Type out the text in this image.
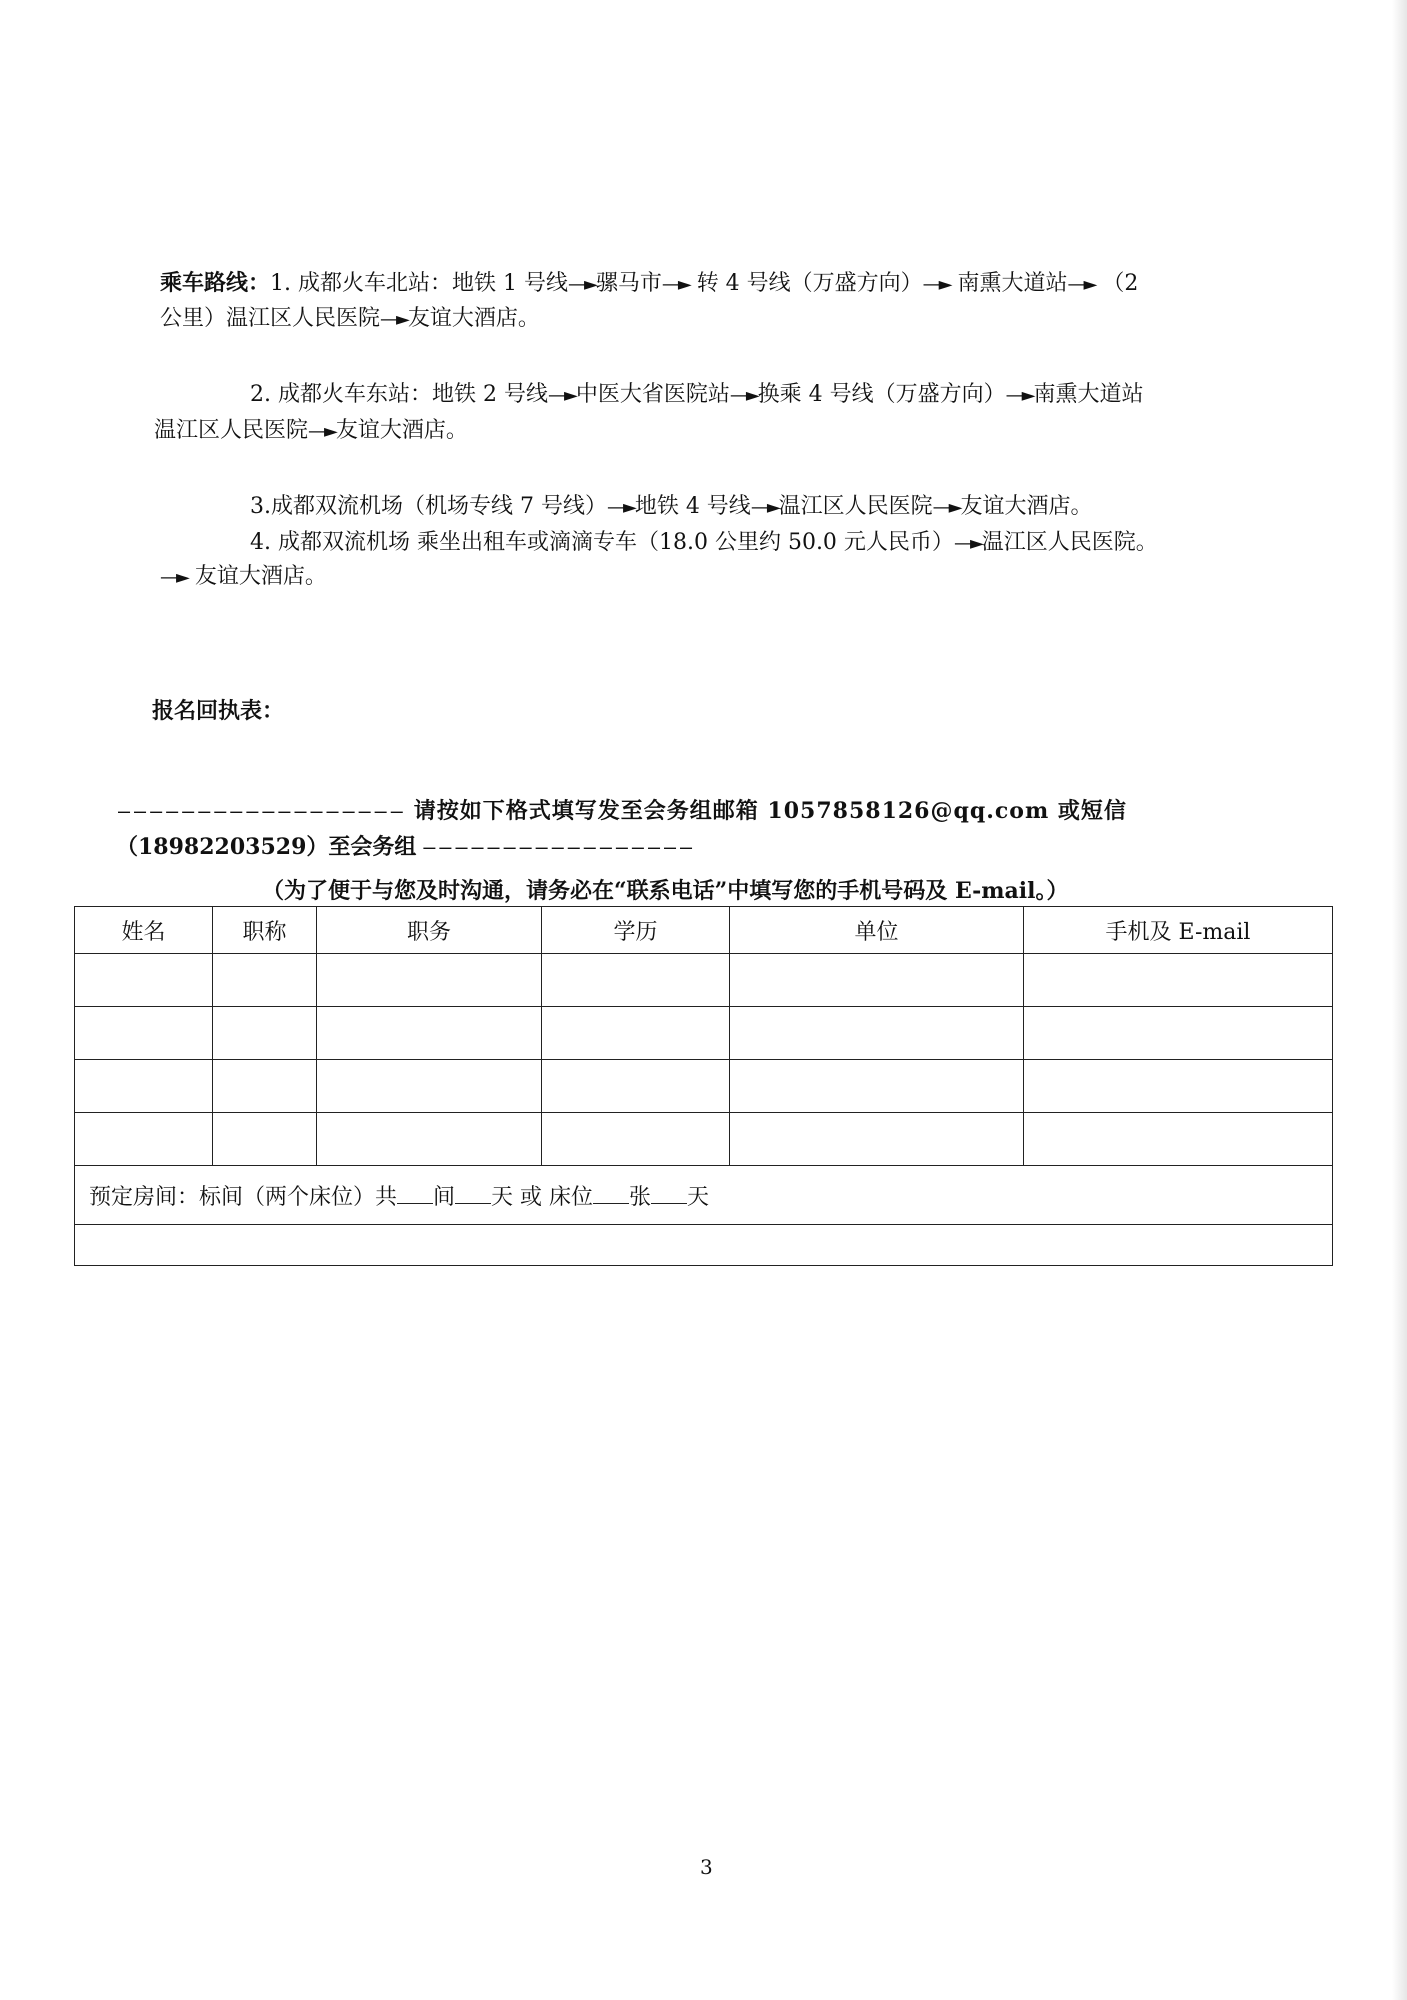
乘车路线：1. 成都火车北站：地铁 1 号线—►骡马市—► 转 4 号线（万盛方向）—► 南熏大道站—► （2
公里）温江区人民医院—►友谊大酒店。
2. 成都火车东站：地铁 2 号线—►中医大省医院站—►换乘 4 号线（万盛方向）—►南熏大道站
温江区人民医院—►友谊大酒店。
3.成都双流机场（机场专线 7 号线）—►地铁 4 号线—►温江区人民医院—►友谊大酒店。
4. 成都双流机场 乘坐出租车或滴滴专车（18.0 公里约 50.0 元人民币）—►温江区人民医院。
—► 友谊大酒店。
报名回执表：
—————————————————— 请按如下格式填写发至会务组邮箱 1057858126@qq.com 或短信
（18982203529）至会务组 —————————————————
（为了便于与您及时沟通，请务必在“联系电话”中填写您的手机号码及 E-mail。）
姓名	职称	职务	学历	单位	手机及 E-mail

预定房间：标间（两个床位）共 间 天 或 床位 张 天					

3
